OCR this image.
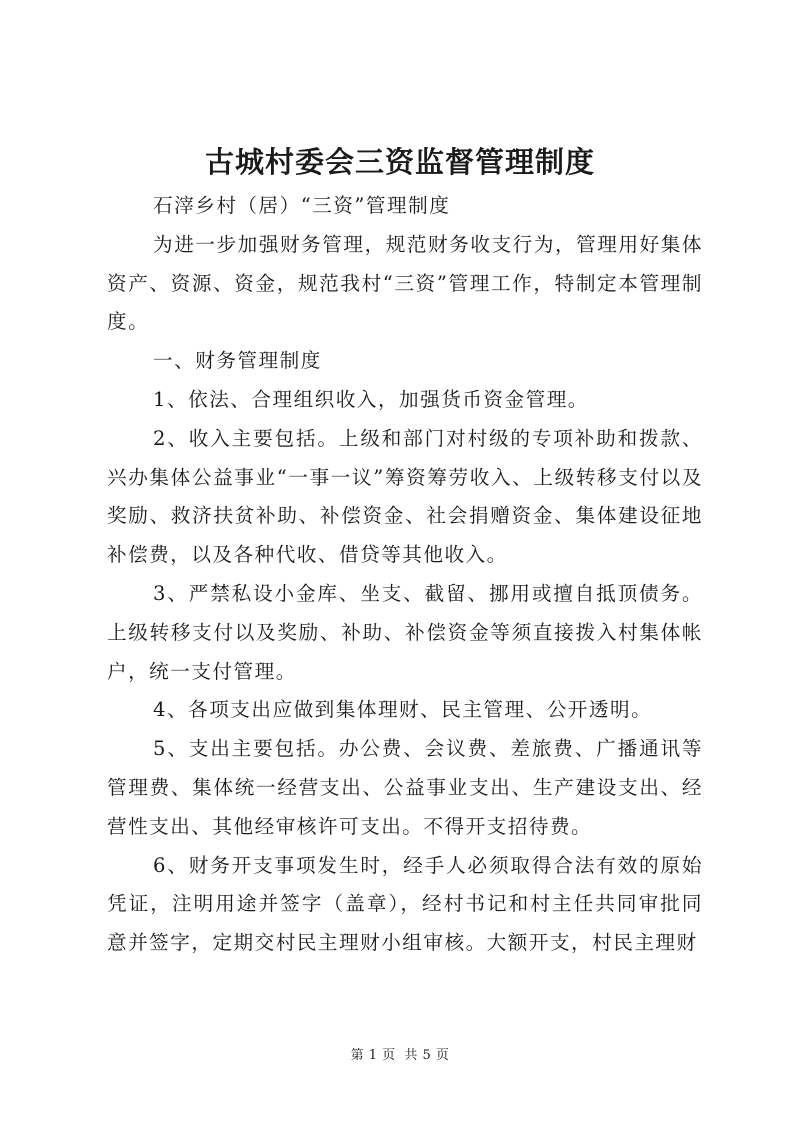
古城村委会三资监督管理制度

石滓乡村（居）“三资”管理制度

为进一步加强财务管理，规范财务收支行为，管理用好集体资产、资源、资金，规范我村“三资”管理工作，特制定本管理制度。

一、财务管理制度

1、依法、合理组织收入，加强货币资金管理。

2、收入主要包括。上级和部门对村级的专项补助和拨款、兴办集体公益事业“一事一议”筹资筹劳收入、上级转移支付以及奖励、救济扶贫补助、补偿资金、社会捐赠资金、集体建设征地补偿费，以及各种代收、借贷等其他收入。

3、严禁私设小金库、坐支、截留、挪用或擅自抵顶债务。上级转移支付以及奖励、补助、补偿资金等须直接拨入村集体帐户，统一支付管理。

4、各项支出应做到集体理财、民主管理、公开透明。

5、支出主要包括。办公费、会议费、差旅费、广播通讯等管理费、集体统一经营支出、公益事业支出、生产建设支出、经营性支出、其他经审核许可支出。不得开支招待费。

6、财务开支事项发生时，经手人必须取得合法有效的原始凭证，注明用途并签字（盖章），经村书记和村主任共同审批同意并签字，定期交村民主理财小组审核。大额开支，村民主理财

第 1 页 共 5 页
